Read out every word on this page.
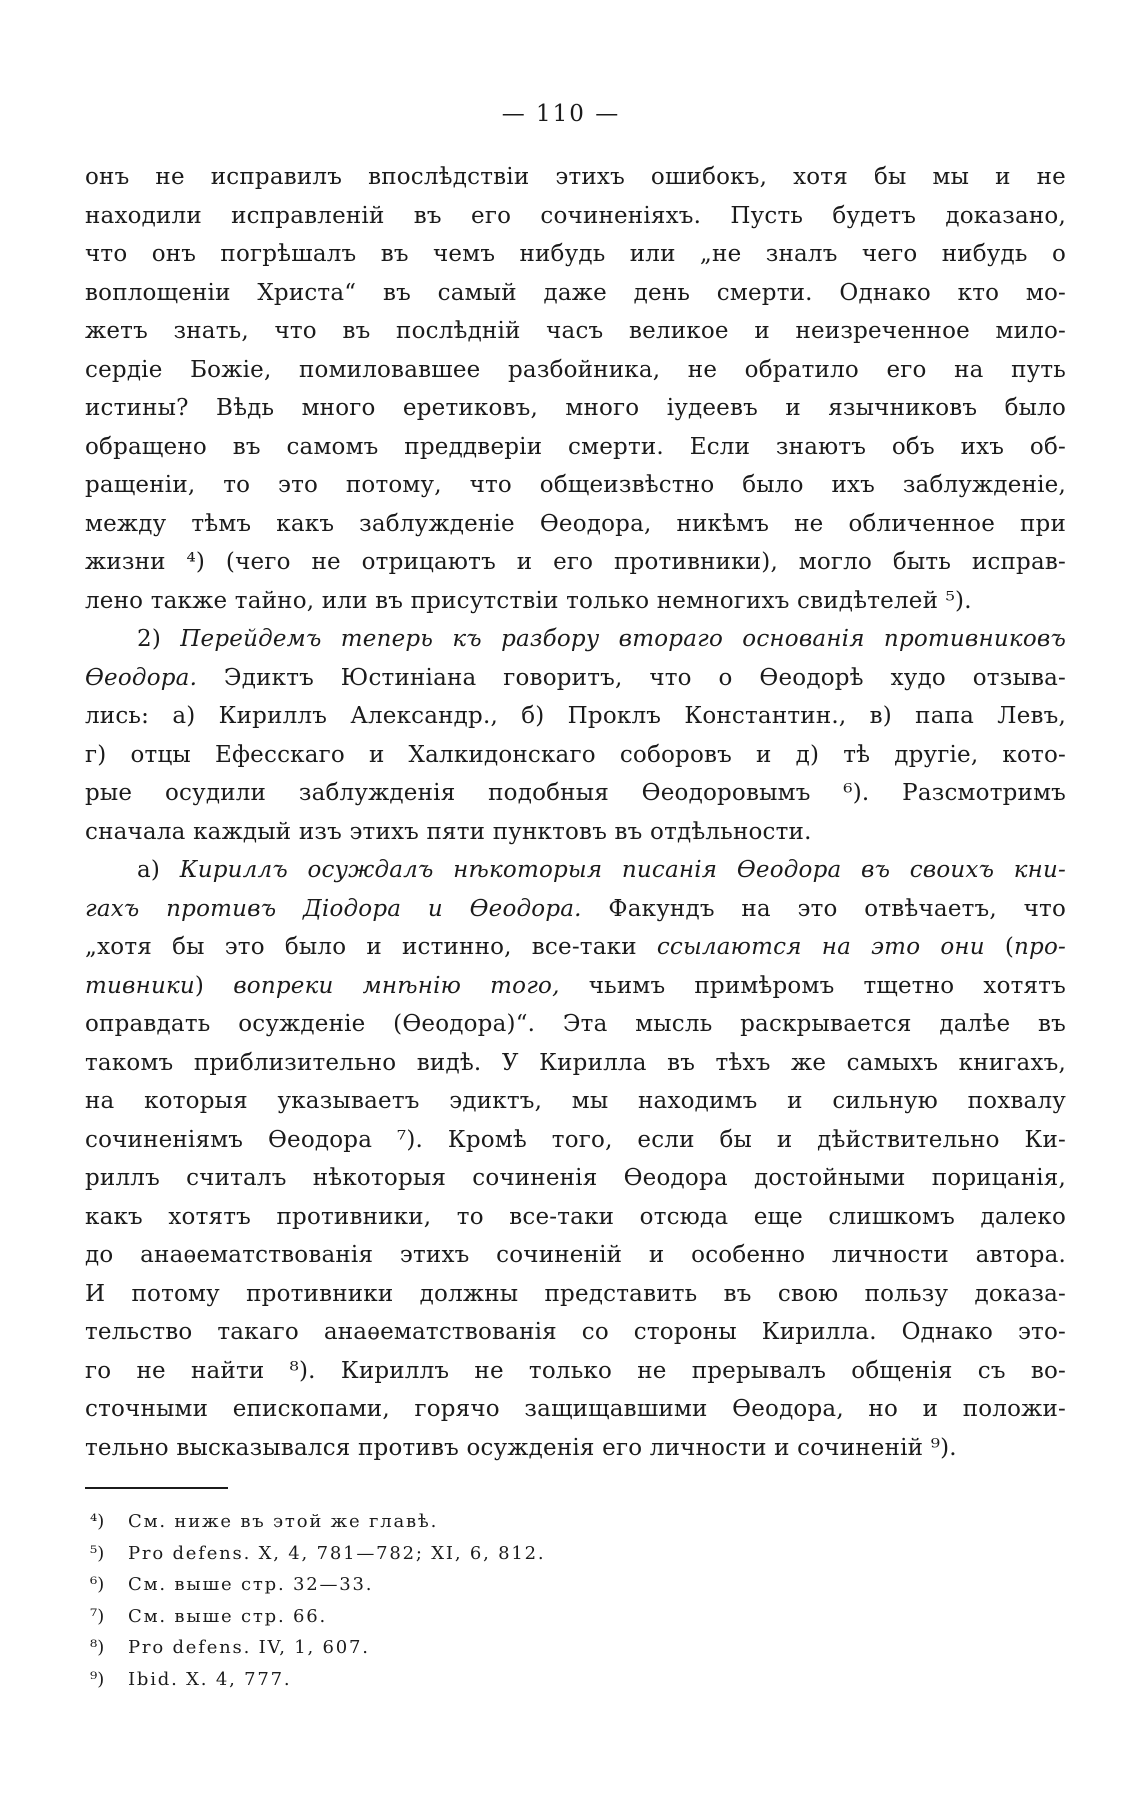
— 110 —
онъ не исправилъ впослѣдствіи этихъ ошибокъ, хотя бы мы и не
находили исправленій въ его сочиненіяхъ. Пусть будетъ доказано,
что онъ погрѣшалъ въ чемъ нибудь или „не зналъ чего нибудь о
воплощеніи Христа“ въ самый даже день смерти. Однако кто мо-
жетъ знать, что въ послѣдній часъ великое и неизреченное мило-
сердіе Божіе, помиловавшее разбойника, не обратило его на путь
истины? Вѣдь много еретиковъ, много іудеевъ и язычниковъ было
обращено въ самомъ преддверіи смерти. Если знаютъ объ ихъ об-
ращеніи, то это потому, что общеизвѣстно было ихъ заблужденіе,
между тѣмъ какъ заблужденіе Ѳеодора, никѣмъ не обличенное при
жизни ⁴) (чего не отрицаютъ и его противники), могло быть исправ-
лено также тайно, или въ присутствіи только немногихъ свидѣтелей ⁵).
2) Перейдемъ теперь къ разбору втораго основанія противниковъ
Ѳеодора. Эдиктъ Юстиніана говоритъ, что о Ѳеодорѣ худо отзыва-
лись: а) Кириллъ Александр., б) Проклъ Константин., в) папа Левъ,
г) отцы Ефесскаго и Халкидонскаго соборовъ и д) тѣ другіе, кото-
рые осудили заблужденія подобныя Ѳеодоровымъ ⁶). Разсмотримъ
сначала каждый изъ этихъ пяти пунктовъ въ отдѣльности.
а) Кириллъ осуждалъ нѣкоторыя писанія Ѳеодора въ своихъ кни-
гахъ противъ Діодора и Ѳеодора. Факундъ на это отвѣчаетъ, что
„хотя бы это было и истинно, все-таки ссылаются на это они (про-
тивники) вопреки мнѣнію того, чьимъ примѣромъ тщетно хотятъ
оправдать осужденіе (Ѳеодора)“. Эта мысль раскрывается далѣе въ
такомъ приблизительно видѣ. У Кирилла въ тѣхъ же самыхъ книгахъ,
на которыя указываетъ эдиктъ, мы находимъ и сильную похвалу
сочиненіямъ Ѳеодора ⁷). Кромѣ того, если бы и дѣйствительно Ки-
риллъ считалъ нѣкоторыя сочиненія Ѳеодора достойными порицанія,
какъ хотятъ противники, то все-таки отсюда еще слишкомъ далеко
до анаѳематствованія этихъ сочиненій и особенно личности автора.
И потому противники должны представить въ свою пользу доказа-
тельство такаго анаѳематствованія со стороны Кирилла. Однако это-
го не найти ⁸). Кириллъ не только не прерывалъ общенія съ во-
сточными епископами, горячо защищавшими Ѳеодора, но и положи-
тельно высказывался противъ осужденія его личности и сочиненій ⁹).
⁴) См. ниже въ этой же главѣ.
⁵) Pro defens. X, 4, 781—782; XI, 6, 812.
⁶) См. выше стр. 32—33.
⁷) См. выше стр. 66.
⁸) Pro defens. IV, 1, 607.
⁹) Ibid. X. 4, 777.
